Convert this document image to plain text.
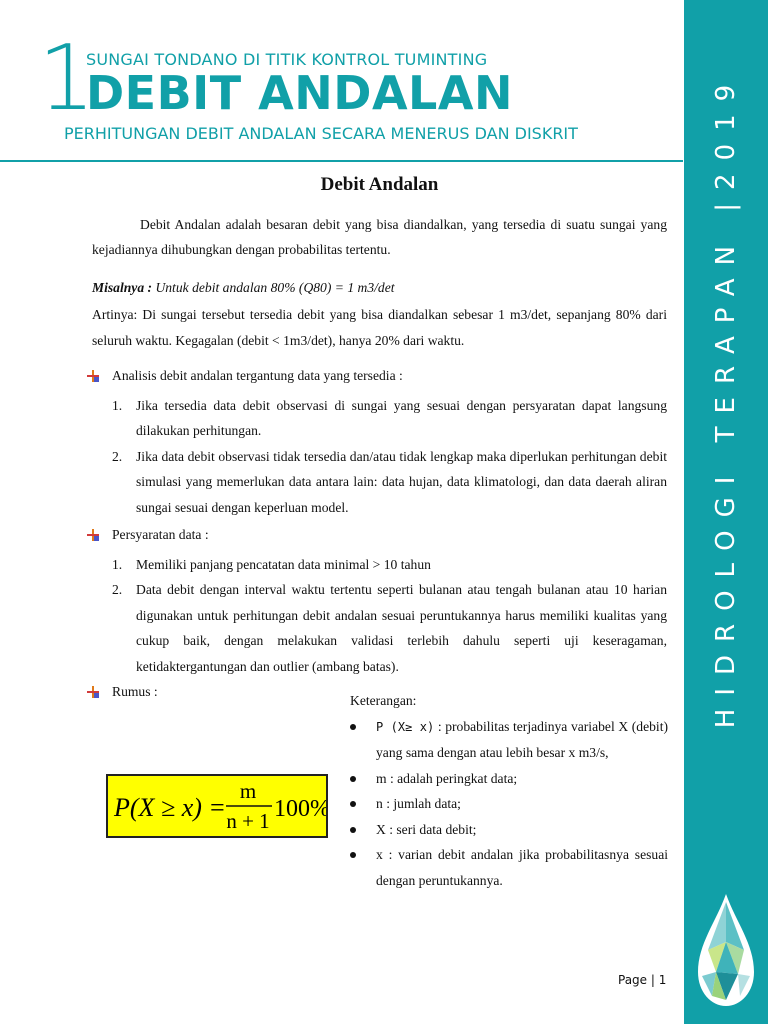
1
SUNGAI TONDANO DI TITIK KONTROL TUMINTING
DEBIT ANDALAN
PERHITUNGAN DEBIT ANDALAN SECARA MENERUS DAN DISKRIT	HIDROLOGI TERAPAN |2019
Debit Andalan

Debit Andalan adalah besaran debit yang bisa diandalkan, yang tersedia di suatu sungai yang kejadiannya dihubungkan dengan probabilitas tertentu.

Misalnya : Untuk debit andalan 80% (Q80) = 1 m3/det

Artinya: Di sungai tersebut tersedia debit yang bisa diandalkan sebesar 1 m3/det, sepanjang 80% dari seluruh waktu. Kegagalan (debit < 1m3/det), hanya 20% dari waktu.

Analisis debit andalan tergantung data yang tersedia :
1. Jika tersedia data debit observasi di sungai yang sesuai dengan persyaratan dapat langsung dilakukan perhitungan.
2. Jika data debit observasi tidak tersedia dan/atau tidak lengkap maka diperlukan perhitungan debit simulasi yang memerlukan data antara lain: data hujan, data klimatologi, dan data daerah aliran sungai sesuai dengan keperluan model.
Persyaratan data :
1. Memiliki panjang pencatatan data minimal > 10 tahun
2. Data debit dengan interval waktu tertentu seperti bulanan atau tengah bulanan atau 10 harian digunakan untuk perhitungan debit andalan sesuai peruntukannya harus memiliki kualitas yang cukup baik, dengan melakukan validasi terlebih dahulu seperti uji keseragaman, ketidaktergantungan dan outlier (ambang batas).
Rumus :
P(X ≥ x) =
m
n + 1 100%
Keterangan:
P (X≥ x) : probabilitas terjadinya variabel X (debit) yang sama dengan atau lebih besar x m3/s,
m : adalah peringkat data;
n : jumlah data;
X : seri data debit;
x : varian debit andalan jika probabilitasnya sesuai dengan peruntukannya.
Page | 1
